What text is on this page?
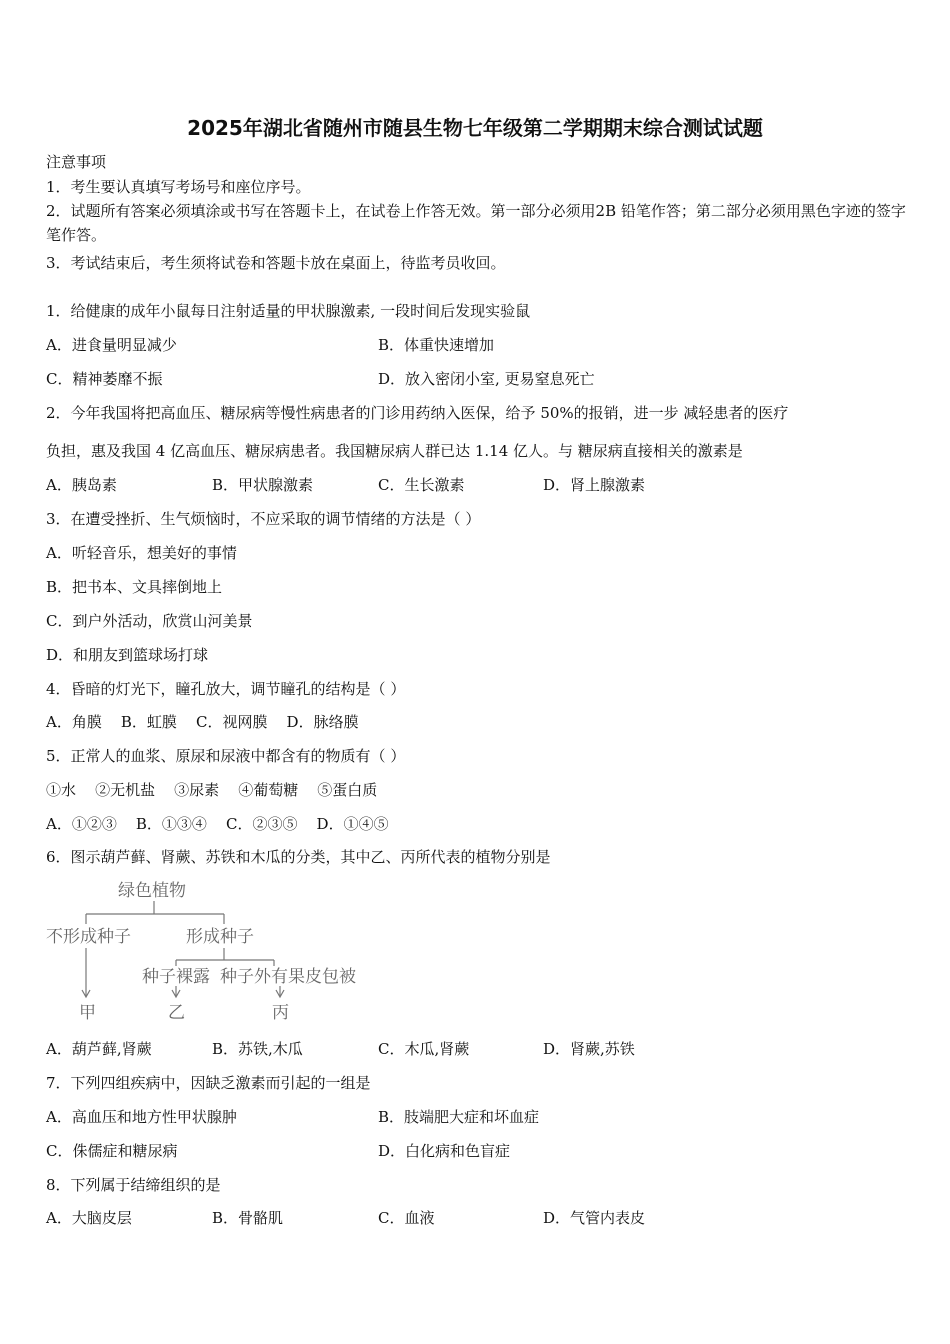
2025年湖北省随州市随县生物七年级第二学期期末综合测试试题
注意事项
1．考生要认真填写考场号和座位序号。
2．试题所有答案必须填涂或书写在答题卡上，在试卷上作答无效。第一部分必须用2B 铅笔作答；第二部分必须用黑色字迹的签字笔作答。
3．考试结束后，考生须将试卷和答题卡放在桌面上，待监考员收回。
1．给健康的成年小鼠每日注射适量的甲状腺激素, 一段时间后发现实验鼠
A．进食量明显减少	B．体重快速增加
C．精神萎靡不振	D．放入密闭小室, 更易窒息死亡
2．今年我国将把高血压、糖尿病等慢性病患者的门诊用药纳入医保，给予 50%的报销，进一步 减轻患者的医疗
负担，惠及我国 4 亿高血压、糖尿病患者。我国糖尿病人群已达 1.14 亿人。与 糖尿病直接相关的激素是
A．胰岛素	B．甲状腺激素	C．生长激素	D．肾上腺激素
3．在遭受挫折、生气烦恼时，不应采取的调节情绪的方法是（ ）
A．听轻音乐，想美好的事情
B．把书本、文具摔倒地上
C．到户外活动，欣赏山河美景
D．和朋友到篮球场打球
4．昏暗的灯光下，瞳孔放大，调节瞳孔的结构是（ ）
A．角膜    B．虹膜    C．视网膜    D．脉络膜
5．正常人的血浆、原尿和尿液中都含有的物质有（ ）
①水    ②无机盐    ③尿素    ④葡萄糖    ⑤蛋白质
A．①②③    B．①③④    C．②③⑤    D．①④⑤
6．图示葫芦藓、肾蕨、苏铁和木瓜的分类，其中乙、丙所代表的植物分别是
绿色植物
不形成种子	形成种子
种子裸露 种子外有果皮包被
甲	乙	丙
A．葫芦藓,肾蕨	B．苏铁,木瓜	C．木瓜,肾蕨	D．肾蕨,苏铁
7．下列四组疾病中，因缺乏激素而引起的一组是
A．高血压和地方性甲状腺肿	B．肢端肥大症和坏血症
C．侏儒症和糖尿病	D．白化病和色盲症
8．下列属于结缔组织的是
A．大脑皮层	B．骨骼肌	C．血液	D．气管内表皮
